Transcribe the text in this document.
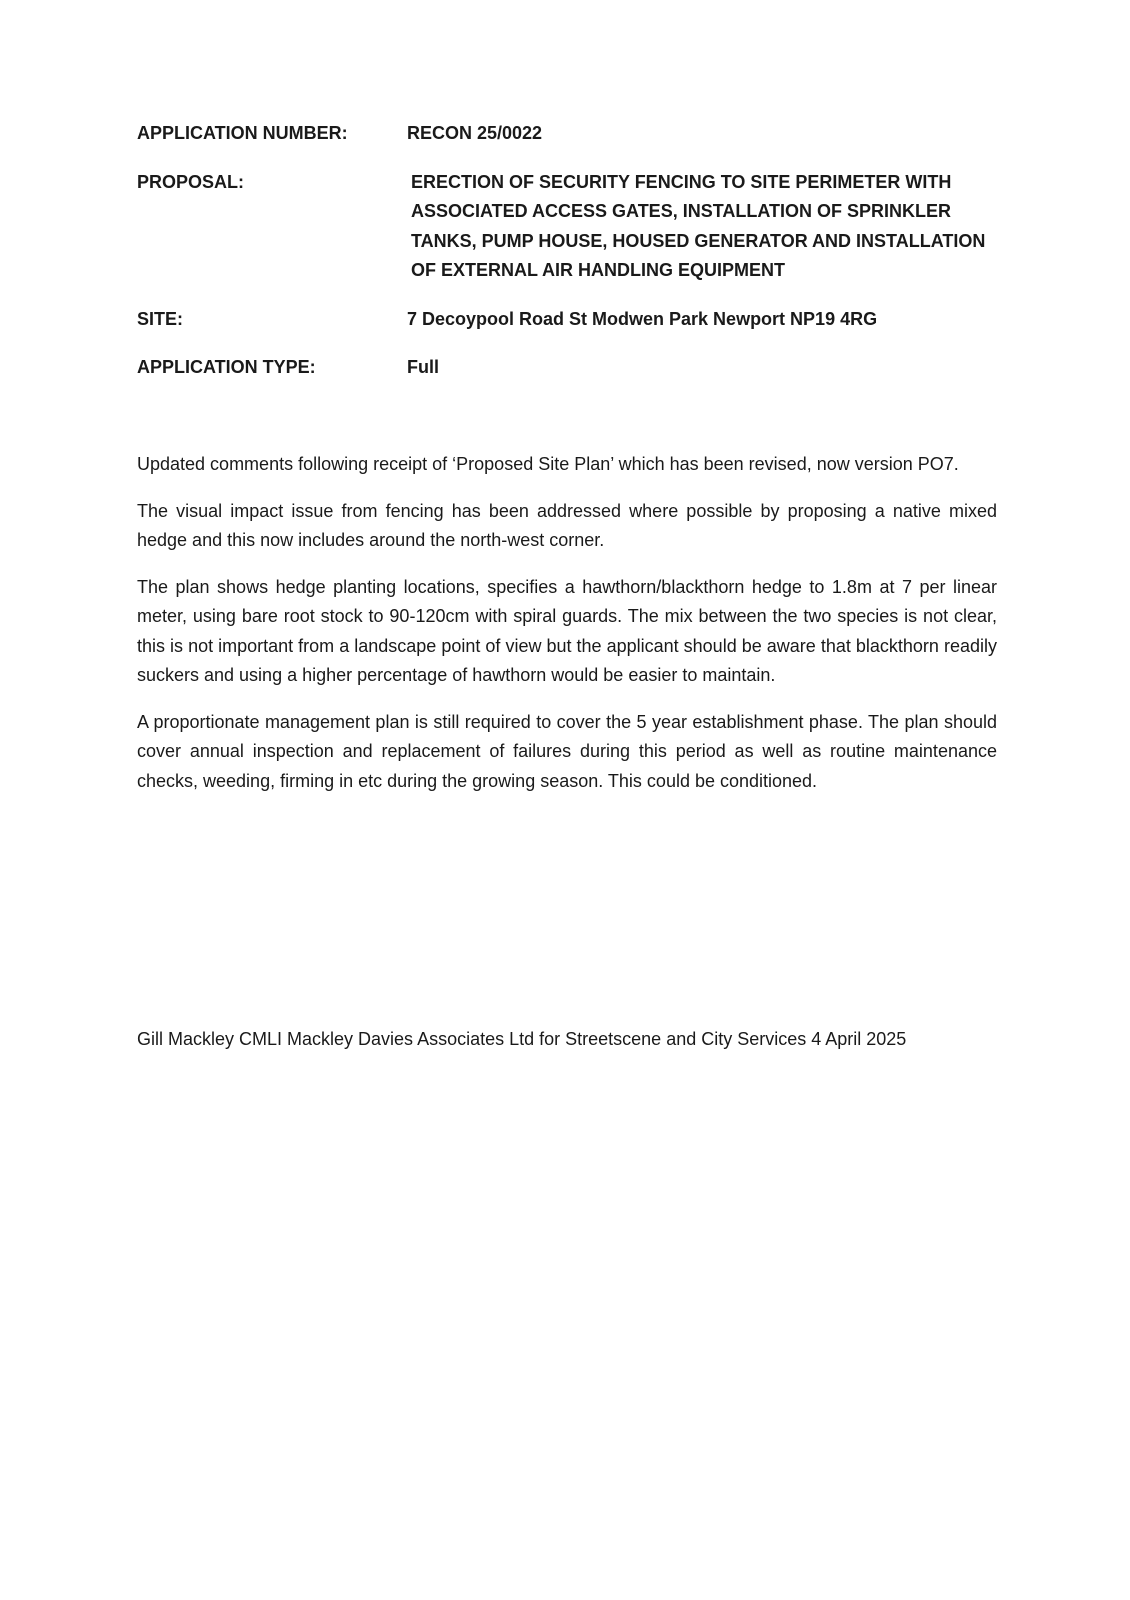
APPLICATION NUMBER:	RECON 25/0022
PROPOSAL:	ERECTION OF SECURITY FENCING TO SITE PERIMETER WITH ASSOCIATED ACCESS GATES, INSTALLATION OF SPRINKLER TANKS, PUMP HOUSE, HOUSED GENERATOR AND INSTALLATION OF EXTERNAL AIR HANDLING EQUIPMENT
SITE:	7 Decoypool Road St Modwen Park Newport NP19 4RG
APPLICATION TYPE:	Full

Updated comments following receipt of ‘Proposed Site Plan’ which has been revised, now version PO7.

The visual impact issue from fencing has been addressed where possible by proposing a native mixed hedge and this now includes around the north-west corner.

The plan shows hedge planting locations, specifies a hawthorn/blackthorn hedge to 1.8m at 7 per linear meter, using bare root stock to 90-120cm with spiral guards. The mix between the two species is not clear, this is not important from a landscape point of view but the applicant should be aware that blackthorn readily suckers and using a higher percentage of hawthorn would be easier to maintain.

A proportionate management plan is still required to cover the 5 year establishment phase. The plan should cover annual inspection and replacement of failures during this period as well as routine maintenance checks, weeding, firming in etc during the growing season. This could be conditioned.

Gill Mackley CMLI Mackley Davies Associates Ltd for Streetscene and City Services 4 April 2025
